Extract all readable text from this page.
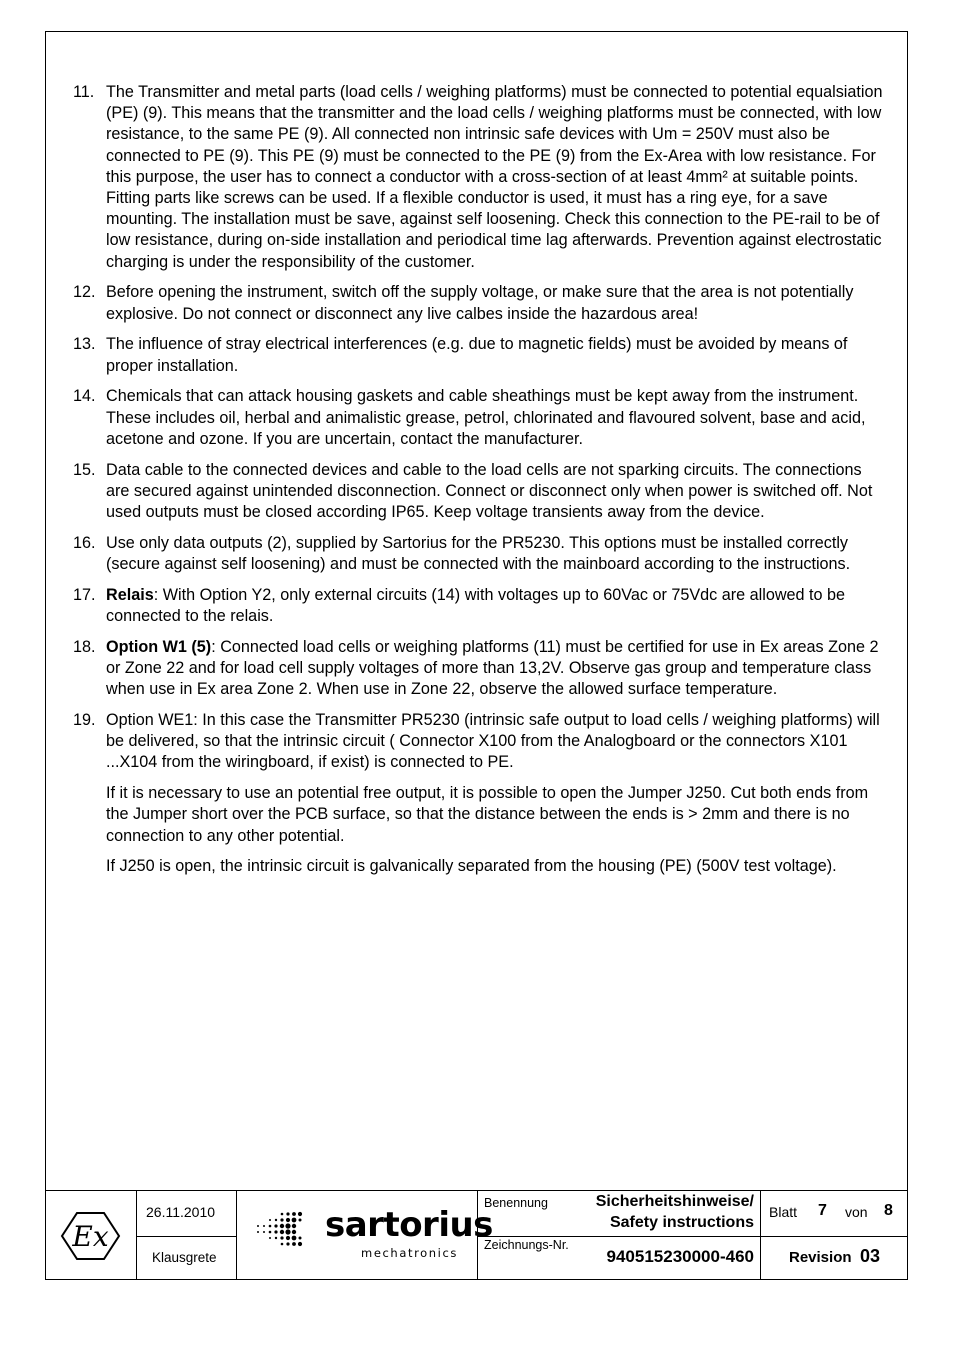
11. The Transmitter and metal parts (load cells / weighing platforms) must be connected to potential equalsiation (PE) (9). This means that the transmitter and the load cells / weighing platforms must be connected, with low resistance, to the same PE (9). All connected non intrinsic safe devices with Um = 250V must also be connected to PE (9). This PE (9) must be connected to the PE (9) from the Ex-Area with low resistance. For this purpose, the user has to connect a conductor with a cross-section of at least 4mm² at suitable points. Fitting parts like screws can be used. If a flexible conductor is used, it must has a ring eye, for a save mounting. The installation must be save, against self loosening. Check this connection to the PE-rail to be of low resistance, during on-side installation and periodical time lag afterwards. Prevention against electrostatic charging is under the responsibility of the customer.
12. Before opening the instrument, switch off the supply voltage, or make sure that the area is not potentially explosive. Do not connect or disconnect any live calbes inside the hazardous area!
13. The influence of stray electrical interferences (e.g. due to magnetic fields) must be avoided by means of proper installation.
14. Chemicals that can attack housing gaskets and cable sheathings must be kept away from the instrument. These includes oil, herbal and animalistic grease, petrol, chlorinated and flavoured solvent, base and acid, acetone and ozone. If you are uncertain, contact the manufacturer.
15. Data cable to the connected devices and cable to the load cells are not sparking circuits. The connections are secured against unintended disconnection. Connect or disconnect only when power is switched off. Not used outputs must be closed according IP65. Keep voltage transients away from the device.
16. Use only data outputs (2), supplied by Sartorius for the PR5230. This options must be installed correctly (secure against self loosening) and must be connected with the mainboard according to the instructions.
17. Relais: With Option Y2, only external circuits (14) with voltages up to 60Vac or 75Vdc are allowed to be connected to the relais.
18. Option W1 (5): Connected load cells or weighing platforms (11) must be certified for use in Ex areas Zone 2 or Zone 22 and for load cell supply voltages of more than 13,2V. Observe gas group and temperature class when use in Ex area Zone 2. When use in Zone 22, observe the allowed surface temperature.
19. Option WE1: In this case the Transmitter PR5230 (intrinsic safe output to load cells / weighing platforms) will be delivered, so that the intrinsic circuit ( Connector X100 from the Analogboard or the connectors X101 ...X104 from the wiringboard, if exist) is connected to PE.
If it is necessary to use an potential free output, it is possible to open the Jumper J250. Cut both ends from the Jumper short over the PCB surface, so that the distance between the ends is > 2mm and there is no connection to any other potential.
If J250 is open, the intrinsic circuit is galvanically separated from the housing (PE) (500V test voltage).
Ex
26.11.2010
Klausgrete
sartorius
mechatronics
Benennung	Sicherheitshinweise/
Safety instructions
Zeichnungs-Nr.
940515230000-460
Blatt 7 von 8
Revision 03
